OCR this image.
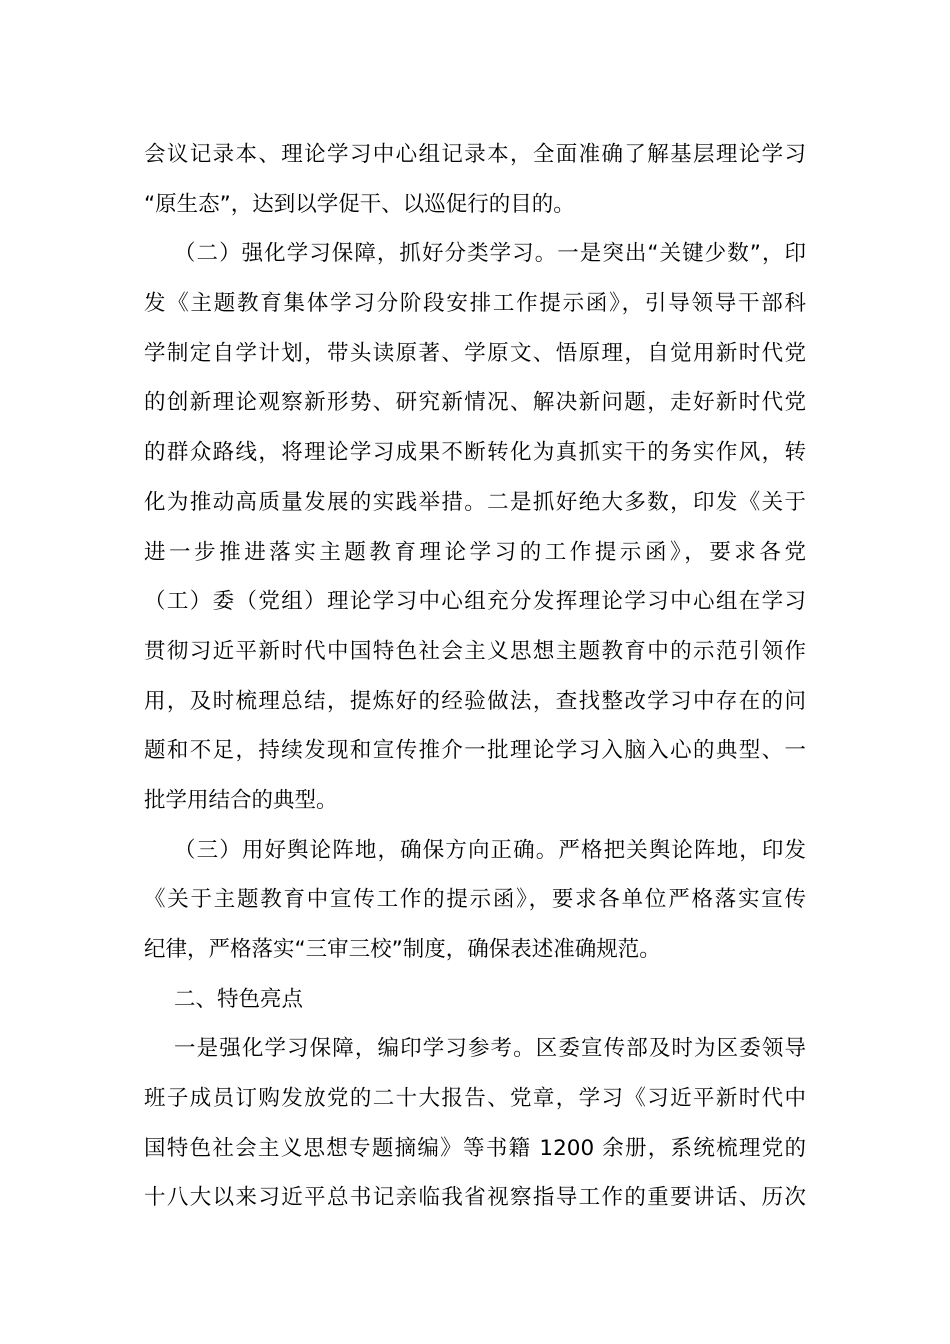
会议记录本、理论学习中心组记录本，全面准确了解基层理论学习
“原生态”，达到以学促干、以巡促行的目的。
（二）强化学习保障，抓好分类学习。一是突出“关键少数”，印
发《主题教育集体学习分阶段安排工作提示函》，引导领导干部科
学制定自学计划，带头读原著、学原文、悟原理，自觉用新时代党
的创新理论观察新形势、研究新情况、解决新问题，走好新时代党
的群众路线，将理论学习成果不断转化为真抓实干的务实作风，转
化为推动高质量发展的实践举措。二是抓好绝大多数，印发《关于
进一步推进落实主题教育理论学习的工作提示函》，要求各党
（工）委（党组）理论学习中心组充分发挥理论学习中心组在学习
贯彻习近平新时代中国特色社会主义思想主题教育中的示范引领作
用，及时梳理总结，提炼好的经验做法，查找整改学习中存在的问
题和不足，持续发现和宣传推介一批理论学习入脑入心的典型、一
批学用结合的典型。
（三）用好舆论阵地，确保方向正确。严格把关舆论阵地，印发
《关于主题教育中宣传工作的提示函》，要求各单位严格落实宣传
纪律，严格落实“三审三校”制度，确保表述准确规范。
二、特色亮点
一是强化学习保障，编印学习参考。区委宣传部及时为区委领导
班子成员订购发放党的二十大报告、党章，学习《习近平新时代中
国特色社会主义思想专题摘编》等书籍 1200 余册，系统梳理党的
十八大以来习近平总书记亲临我省视察指导工作的重要讲话、历次
